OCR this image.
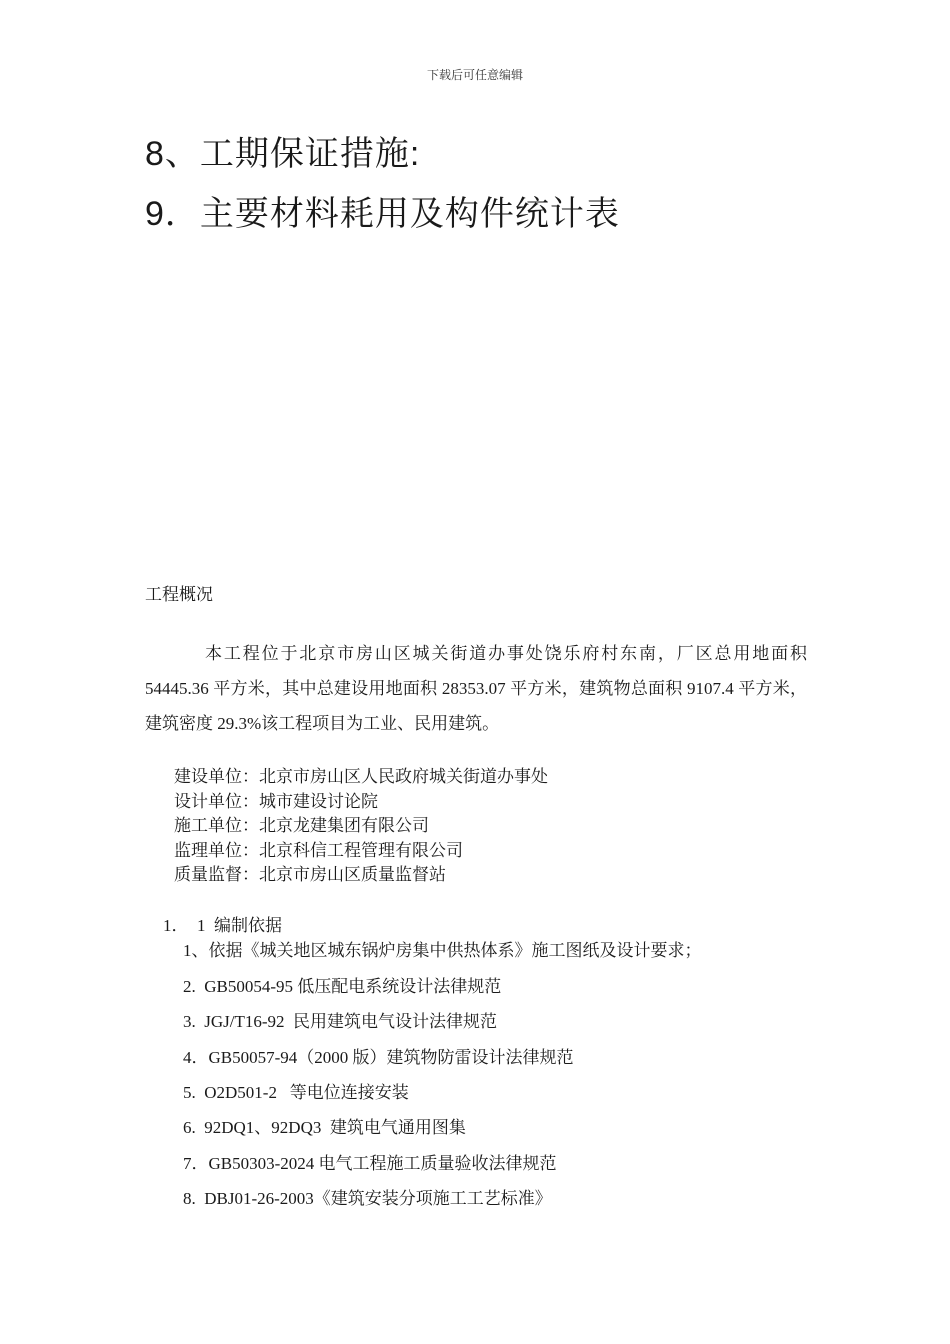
下载后可任意编辑
8、工期保证措施:
9．主要材料耗用及构件统计表
工程概况

本工程位于北京市房山区城关街道办事处饶乐府村东南，厂区总用地面积 54445.36 平方米，其中总建设用地面积 28353.07 平方米，建筑物总面积 9107.4 平方米，建筑密度 29.3%该工程项目为工业、民用建筑。

建设单位：北京市房山区人民政府城关街道办事处

设计单位：城市建设讨论院

施工单位：北京龙建集团有限公司

监理单位：北京科信工程管理有限公司

质量监督：北京市房山区质量监督站

1．  1  编制依据

1、依据《城关地区城东锅炉房集中供热体系》施工图纸及设计要求；

2.  GB50054-95 低压配电系统设计法律规范

3.  JGJ/T16-92  民用建筑电气设计法律规范

4．GB50057-94（2000 版）建筑物防雷设计法律规范

5.  O2D501-2   等电位连接安装

6.  92DQ1、92DQ3  建筑电气通用图集

7．GB50303-2024 电气工程施工质量验收法律规范

8.  DBJ01-26-2003《建筑安装分项施工工艺标准》
